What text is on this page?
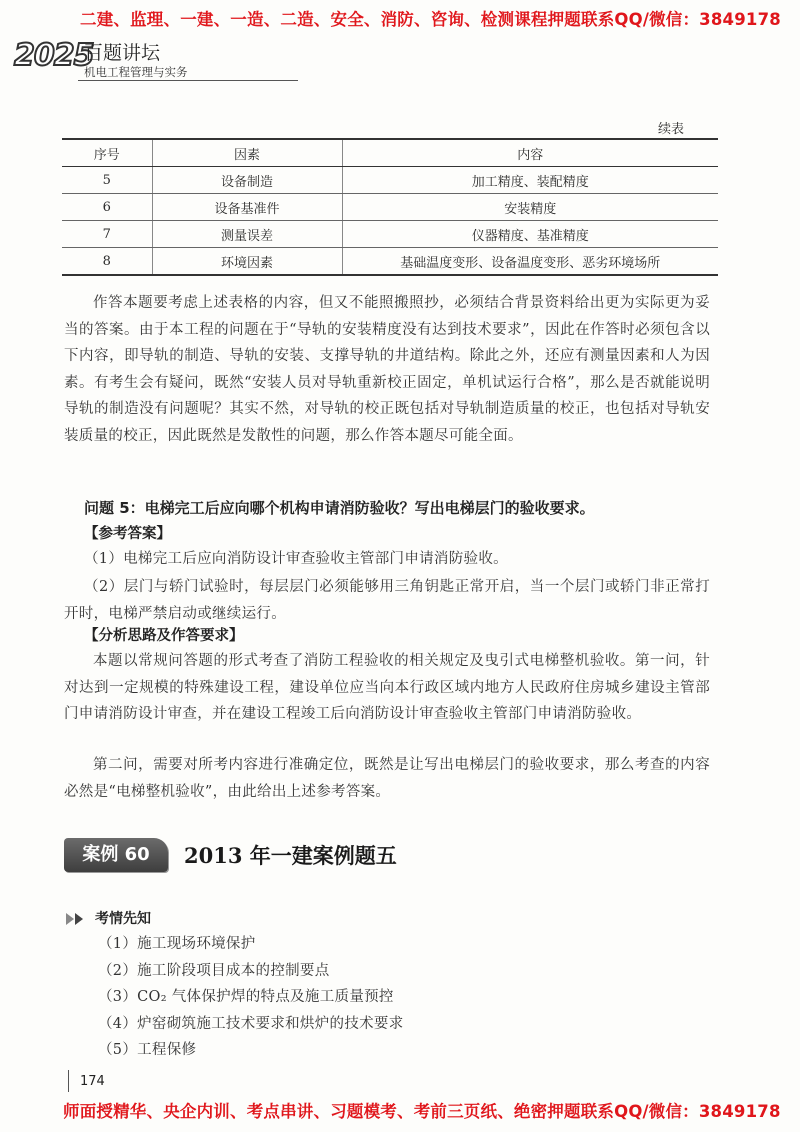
二建、监理、一建、一造、二造、安全、消防、咨询、检测课程押题联系QQ/微信：3849178
2025
百题讲坛
机电工程管理与实务
续表
序号	因素	内容
5	设备制造	加工精度、装配精度
6	设备基准件	安装精度
7	测量误差	仪器精度、基准精度
8	环境因素	基础温度变形、设备温度变形、恶劣环境场所
作答本题要考虑上述表格的内容，但又不能照搬照抄，必须结合背景资料给出更为实际更为妥当的答案。由于本工程的问题在于“导轨的安装精度没有达到技术要求”，因此在作答时必须包含以下内容，即导轨的制造、导轨的安装、支撑导轨的井道结构。除此之外，还应有测量因素和人为因素。有考生会有疑问，既然“安装人员对导轨重新校正固定，单机试运行合格”，那么是否就能说明导轨的制造没有问题呢？其实不然，对导轨的校正既包括对导轨制造质量的校正，也包括对导轨安装质量的校正，因此既然是发散性的问题，那么作答本题尽可能全面。
问题 5：电梯完工后应向哪个机构申请消防验收？写出电梯层门的验收要求。
【参考答案】
（1）电梯完工后应向消防设计审查验收主管部门申请消防验收。
（2）层门与轿门试验时，每层层门必须能够用三角钥匙正常开启，当一个层门或轿门非正常打开时，电梯严禁启动或继续运行。
【分析思路及作答要求】
本题以常规问答题的形式考查了消防工程验收的相关规定及曳引式电梯整机验收。第一问，针对达到一定规模的特殊建设工程，建设单位应当向本行政区域内地方人民政府住房城乡建设主管部门申请消防设计审查，并在建设工程竣工后向消防设计审查验收主管部门申请消防验收。
第二问，需要对所考内容进行准确定位，既然是让写出电梯层门的验收要求，那么考查的内容必然是“电梯整机验收”，由此给出上述参考答案。
案例 60	2013 年一建案例题五
考情先知
（1）施工现场环境保护
（2）施工阶段项目成本的控制要点
（3）CO₂ 气体保护焊的特点及施工质量预控
（4）炉窑砌筑施工技术要求和烘炉的技术要求
（5）工程保修
174
师面授精华、央企内训、考点串讲、习题模考、考前三页纸、绝密押题联系QQ/微信：3849178
